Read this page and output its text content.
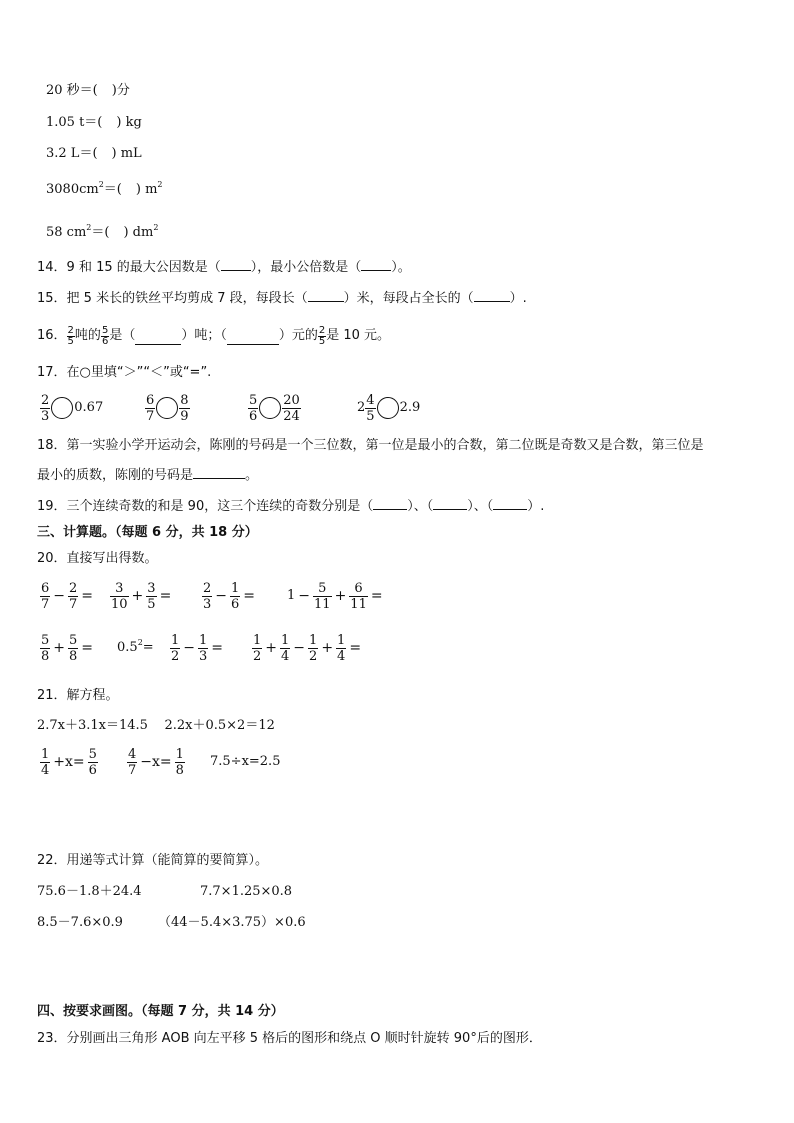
20 秒＝( )分
1.05 t＝( ) kg
3.2 L＝( ) mL
$3080cm^2=$( ) $m^2$
58 $cm^2=$( ) $dm^2$
14．9 和 15 的最大公因数是（ ），最小公倍数是（ ）。
15．把 5 米长的铁丝平均剪成 7 段，每段长（	）米，每段占全长的（	）.
16． $\frac{2}{5}$ 吨的 $\frac{5}{6}$ 是（	）吨；（	）元的 $\frac{2}{5}$ 是 10 元。
17．在○里填“＞”“＜”或“=”.
$\frac{2}{3} 0.67$	$\frac{6}{7} \frac{8}{9}$	$\frac{5}{6} \frac{20}{24}$	$2 \frac{4}{5} 2.9$
18．第一实验小学开运动会，陈刚的号码是一个三位数，第一位是最小的合数，第二位既是奇数又是合数，第三位是
最小的质数，陈刚的号码是	。
19．三个连续奇数的和是 90，这三个连续的奇数分别是（	）、（	）、（	）.
三、计算题。（每题 6 分，共 18 分）
20．直接写出得数。
$\frac{6}{7} - \frac{2}{7} = \frac{3}{10} + \frac{3}{5} = \frac{2}{3} - \frac{1}{6} = 1 - \frac{5}{11} + \frac{6}{11}$ =
$\frac{5}{8} + \frac{5}{8} = 0.5^2= \frac{1}{2} - \frac{1}{3} = \frac{1}{2} + \frac{1}{4} - \frac{1}{2} + \frac{1}{4}$ =
21．解方程。
2.7x＋3.1x＝14.5    2.2x＋0.5×2＝12
$\frac{1}{4} +x= \frac{5}{6} \frac{4}{7} -x= \frac{1}{8} 7.5\div x=2.5$
22．用递等式计算（能简算的要简算）。
75.6－1.8＋24.4	7.7×1.25×0.8
8.5－7.6×0.9	（44－5.4×3.75）×0.6
四、按要求画图。（每题 7 分，共 14 分）
23．分别画出三角形 AOB 向左平移 5 格后的图形和绕点 O 顺时针旋转 90°后的图形．
